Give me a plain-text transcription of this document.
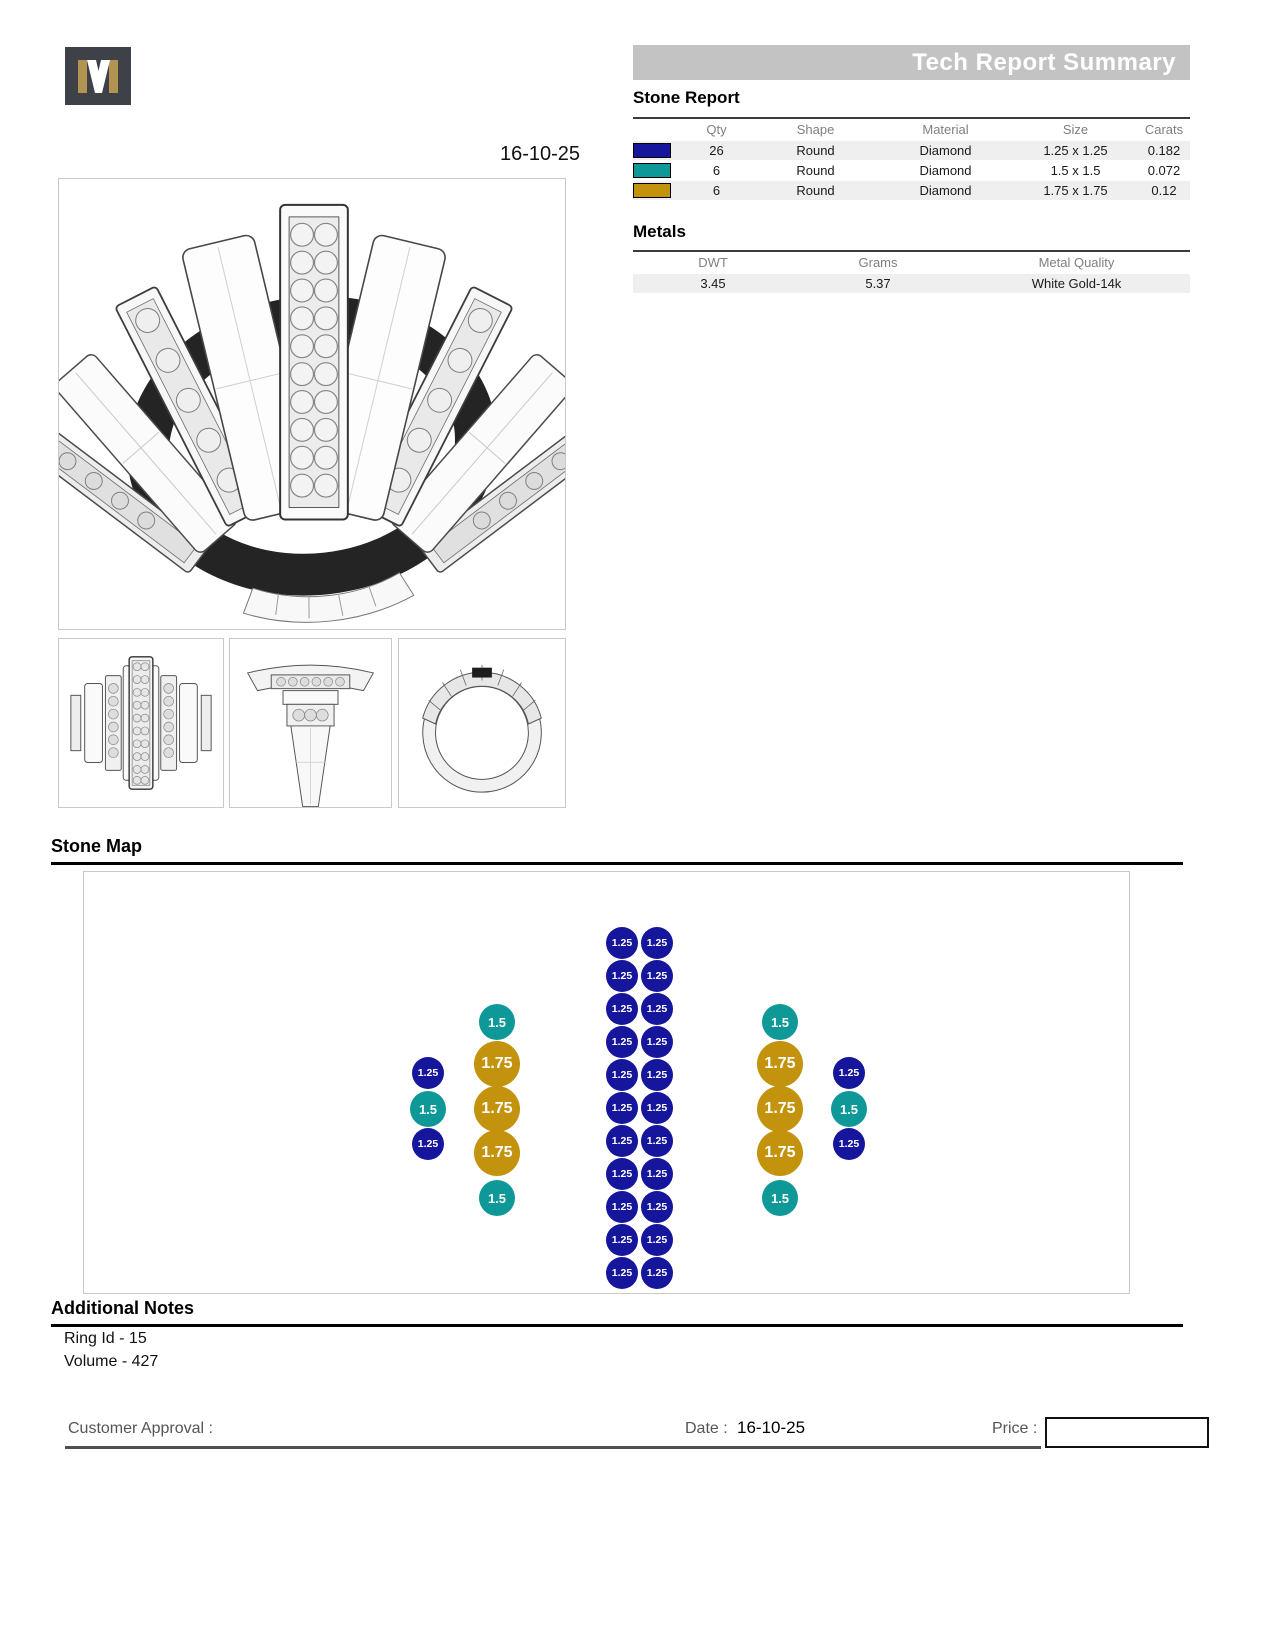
Tech Report Summary
Stone Report
Qty	Shape	Material	Size	Carats
26	Round	Diamond	1.25 x 1.25	0.182
6	Round	Diamond	1.5 x 1.5	0.072
6	Round	Diamond	1.75 x 1.75	0.12
Metals
DWT	Grams	Metal Quality
3.45	5.37	White Gold-14k
16-10-25
Stone Map
1.25
1.5
1.25
1.5
1.75
1.75
1.75
1.5
1.25
1.25
1.25
1.25
1.25
1.25
1.25
1.25
1.25
1.25
1.25
1.25
1.25
1.25
1.25
1.25
1.25
1.25
1.25
1.25
1.25
1.25
1.5
1.75
1.75
1.75
1.5
1.25
1.5
1.25
Additional Notes
Ring Id - 15
Volume - 427
Customer Approval :	Date : 16-10-25	Price :
